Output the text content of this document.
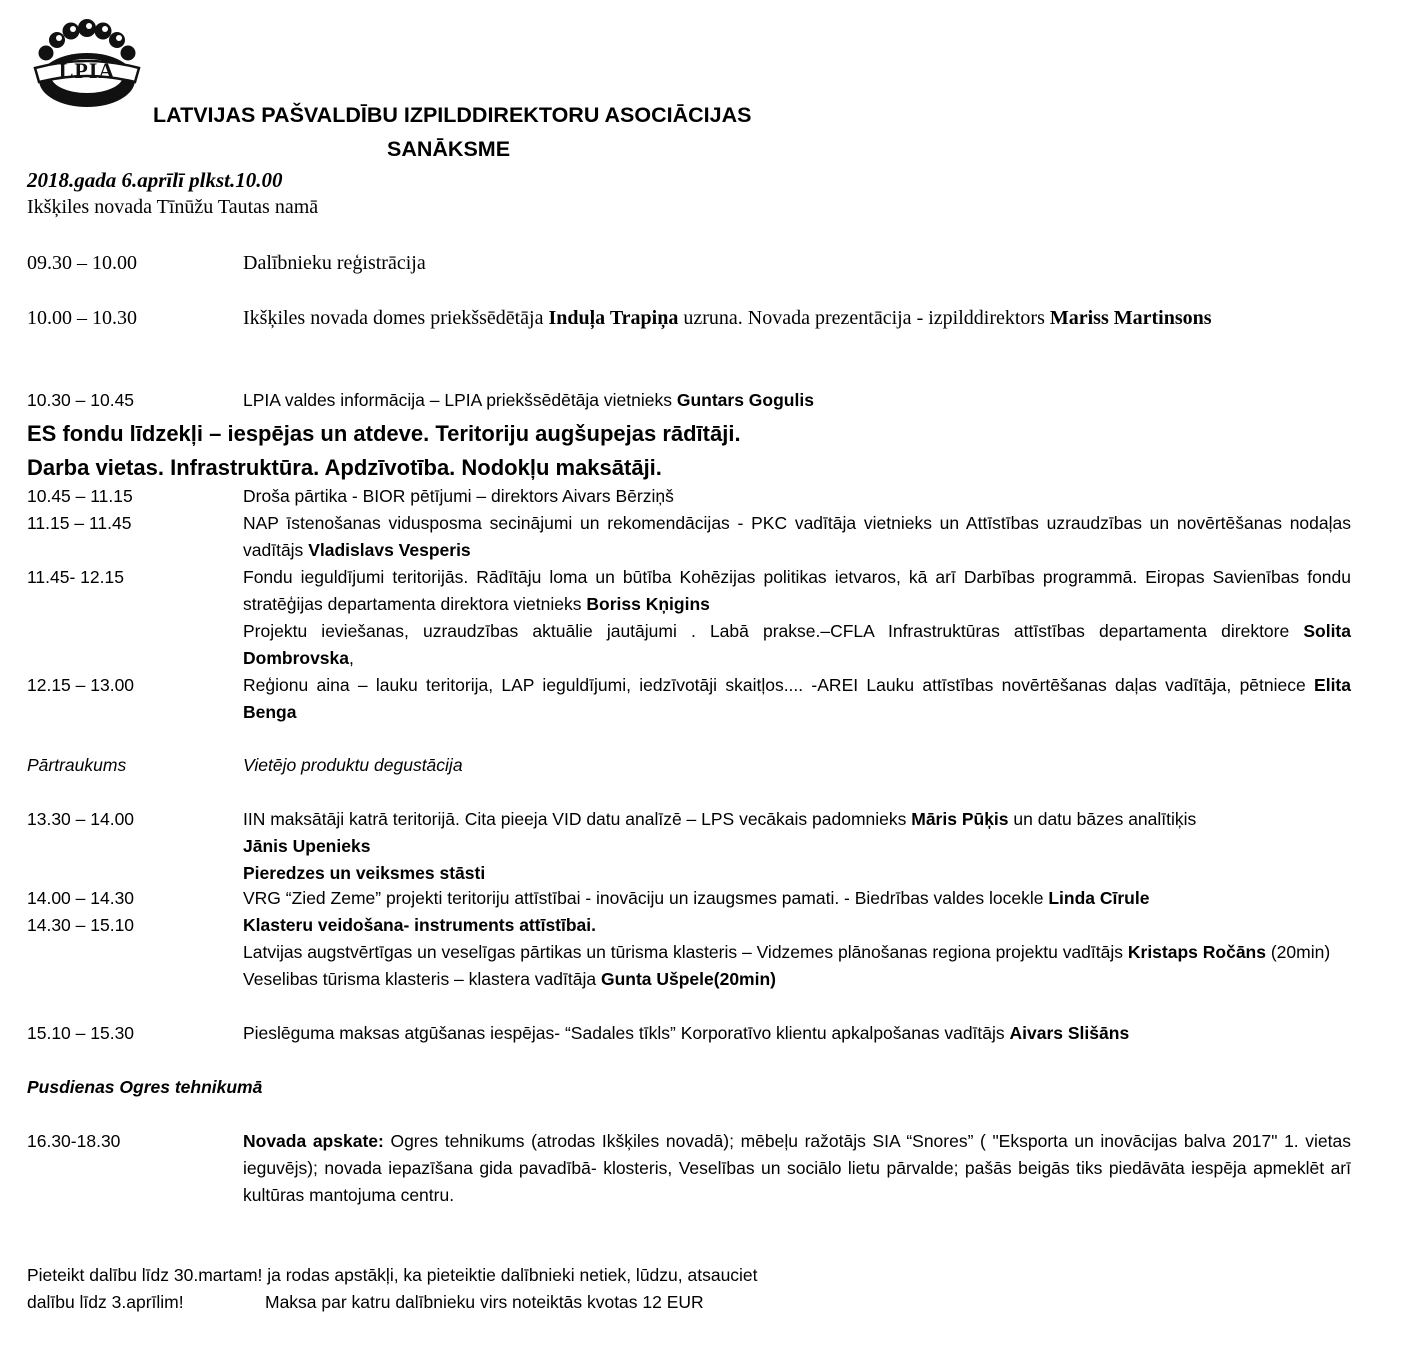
LPIA
LATVIJAS PAŠVALDĪBU IZPILDDIREKTORU ASOCIĀCIJAS
SANĀKSME
2018.gada 6.aprīlī plkst.10.00
Ikšķiles novada Tīnūžu Tautas namā
09.30 – 10.00	Dalībnieku reģistrācija
10.00 – 10.30	Ikšķiles novada domes priekšsēdētāja Induļa Trapiņa uzruna. Novada prezentācija - izpilddirektors Mariss Martinsons
10.30 – 10.45	LPIA valdes informācija – LPIA priekšsēdētāja vietnieks Guntars Gogulis
ES fondu līdzekļi – iespējas un atdeve. Teritoriju augšupejas rādītāji.
Darba vietas. Infrastruktūra. Apdzīvotība. Nodokļu maksātāji.
10.45 – 11.15	Droša pārtika - BIOR pētījumi – direktors Aivars Bērziņš
11.15 – 11.45	NAP īstenošanas vidusposma secinājumi un rekomendācijas - PKC vadītāja vietnieks un Attīstības uzraudzības un novērtēšanas nodaļas vadītājs Vladislavs Vesperis
11.45- 12.15	Fondu ieguldījumi teritorijās. Rādītāju loma un būtība Kohēzijas politikas ietvaros, kā arī Darbības programmā. Eiropas Savienības fondu stratēģijas departamenta direktora vietnieks Boriss Kņigins
Projektu ieviešanas, uzraudzības aktuālie jautājumi . Labā prakse.–CFLA Infrastruktūras attīstības departamenta direktore Solita Dombrovska,
12.15 – 13.00	Reģionu aina – lauku teritorija, LAP ieguldījumi, iedzīvotāji skaitļos.... -AREI Lauku attīstības novērtēšanas daļas vadītāja, pētniece Elita Benga
Pārtraukums	Vietējo produktu degustācija
13.30 – 14.00	IIN maksātāji katrā teritorijā. Cita pieeja VID datu analīzē – LPS vecākais padomnieks Māris Pūķis un datu bāzes analītiķis
Jānis Upenieks
Pieredzes un veiksmes stāsti
14.00 – 14.30	VRG “Zied Zeme” projekti teritoriju attīstībai - inovāciju un izaugsmes pamati. - Biedrības valdes locekle Linda Cīrule
14.30 – 15.10	Klasteru veidošana- instruments attīstībai.
Latvijas augstvērtīgas un veselīgas pārtikas un tūrisma klasteris – Vidzemes plānošanas regiona projektu vadītājs Kristaps Ročāns (20min)
Veselibas tūrisma klasteris – klastera vadītāja Gunta Ušpele(20min)
15.10 – 15.30	Pieslēguma maksas atgūšanas iespējas- “Sadales tīkls” Korporatīvo klientu apkalpošanas vadītājs Aivars Slišāns
Pusdienas Ogres tehnikumā
16.30-18.30	Novada apskate: Ogres tehnikums (atrodas Ikšķiles novadā); mēbeļu ražotājs SIA “Snores” ( "Eksporta un inovācijas balva 2017" 1. vietas ieguvējs); novada iepazīšana gida pavadībā- klosteris, Veselības un sociālo lietu pārvalde; pašās beigās tiks piedāvāta iespēja apmeklēt arī kultūras mantojuma centru.
Pieteikt dalību līdz 30.martam! ja rodas apstākļi, ka pieteiktie dalībnieki netiek, lūdzu, atsauciet
dalību līdz 3.aprīlim!	Maksa par katru dalībnieku virs noteiktās kvotas 12 EUR
